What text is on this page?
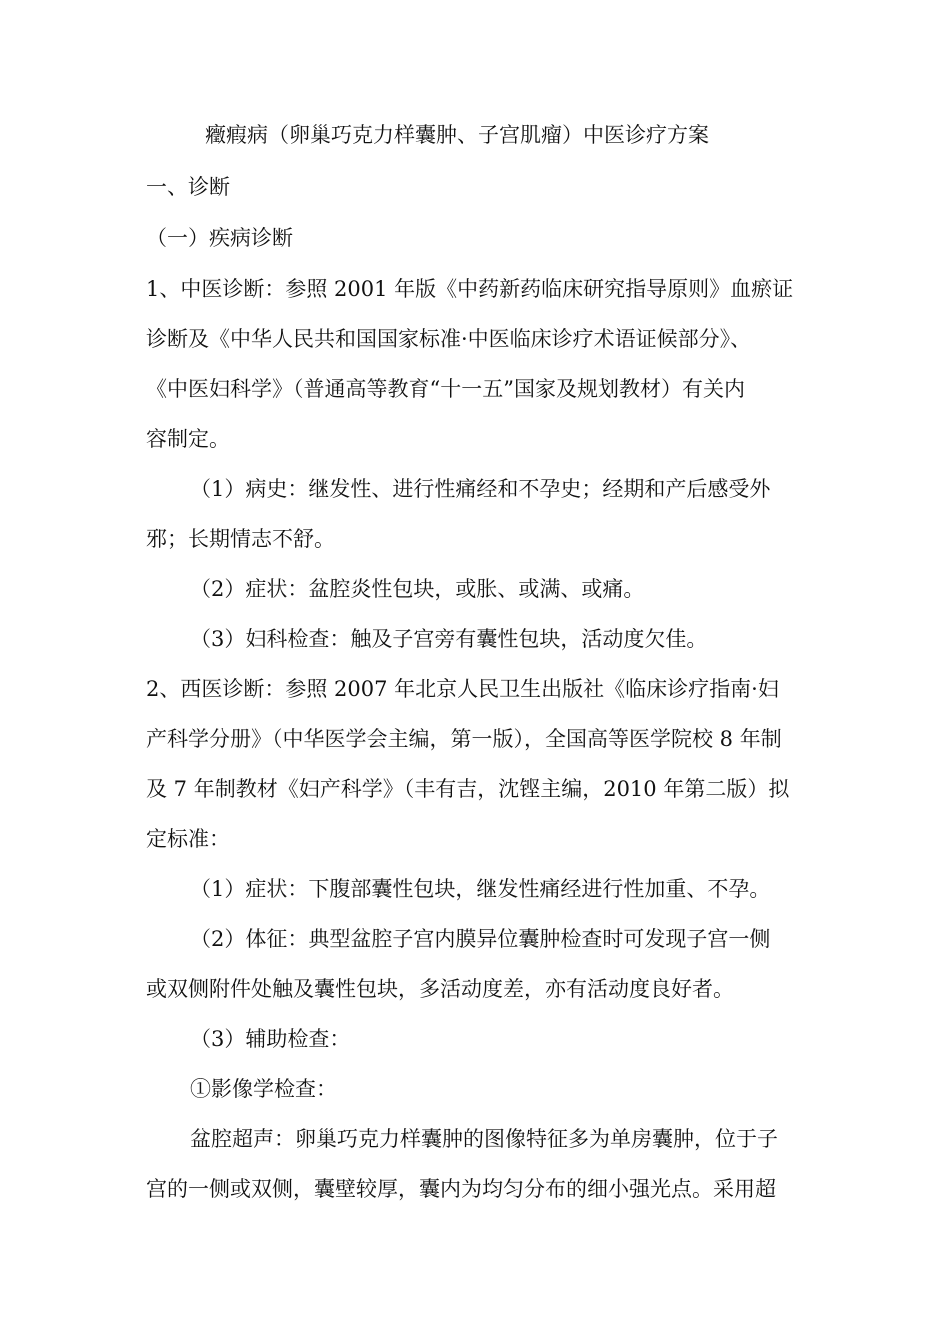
癥瘕病（卵巢巧克力样囊肿、子宫肌瘤）中医诊疗方案
一、诊断
（一）疾病诊断
1、中医诊断：参照 2001 年版《中药新药临床研究指导原则》血瘀证
诊断及《中华人民共和国国家标准·中医临床诊疗术语证候部分》、
《中医妇科学》（普通高等教育“十一五”国家及规划教材）有关内
容制定。
（1）病史：继发性、进行性痛经和不孕史；经期和产后感受外
邪；长期情志不舒。
（2）症状：盆腔炎性包块，或胀、或满、或痛。
（3）妇科检查：触及子宫旁有囊性包块，活动度欠佳。
2、西医诊断：参照 2007 年北京人民卫生出版社《临床诊疗指南·妇
产科学分册》（中华医学会主编，第一版），全国高等医学院校 8 年制
及 7 年制教材《妇产科学》（丰有吉，沈铿主编，2010 年第二版）拟
定标准：
（1）症状：下腹部囊性包块，继发性痛经进行性加重、不孕。
（2）体征：典型盆腔子宫内膜异位囊肿检查时可发现子宫一侧
或双侧附件处触及囊性包块，多活动度差，亦有活动度良好者。
（3）辅助检查：
①影像学检查：
盆腔超声：卵巢巧克力样囊肿的图像特征多为单房囊肿，位于子
宫的一侧或双侧，囊壁较厚，囊内为均匀分布的细小强光点。采用超
